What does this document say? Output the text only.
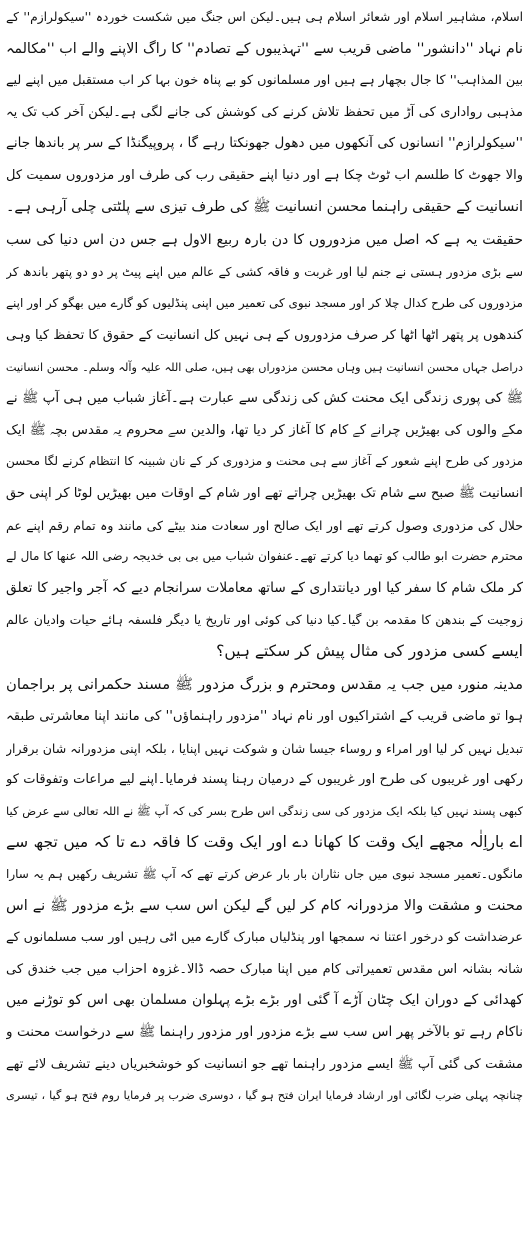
اسلام، مشاہیر اسلام اور شعائر اسلام ہی ہیں۔لیکن اس جنگ میں شکست خوردہ ''سیکولرازم'' کے
نام نہاد ''دانشور'' ماضی قریب سے ''تہذیبوں کے تصادم'' کا راگ الاپنے والے اب ''مکالمہ
بین المذاہب'' کا جال بچھار ہے ہیں اور مسلمانوں کو بے پناہ خون بہا کر اب مستقبل میں اپنے لیے
مذہبی رواداری کی آڑ میں تحفظ تلاش کرنے کی کوشش کی جانے لگی ہے۔لیکن آخر کب تک یہ
''سیکولرازم'' انسانوں کی آنکھوں میں دھول جھونکتا رہے گا ، پروپیگنڈا کے سر پر باندھا جانے
والا جھوٹ کا طلسم اب ٹوٹ چکا ہے اور دنیا اپنے حقیقی رب کی طرف اور مزدوروں سمیت کل
انسانیت کے حقیقی راہنما محسن انسانیت ﷺ کی طرف تیزی سے پلٹتی چلی آرہی ہے۔
حقیقت یہ ہے کہ اصل میں مزدوروں کا دن بارہ ربیع الاول ہے جس دن اس دنیا کی سب
سے بڑی مزدور ہستی نے جنم لیا اور غربت و فاقہ کشی کے عالم میں اپنے پیٹ پر دو دو پتھر باندھ کر
مزدوروں کی طرح کدال چلا کر اور مسجد نبوی کی تعمیر میں اپنی پنڈلیوں کو گارے میں بھگو کر اور اپنے
کندھوں پر پتھر اٹھا اٹھا کر صرف مزدوروں کے ہی نہیں کل انسانیت کے حقوق کا تحفظ کیا وہی
دراصل جہاں محسن انسانیت ہیں وہاں محسن مزدوراں بھی ہیں، صلی اللہ علیہ وآلہ وسلم۔ محسن انسانیت
ﷺ کی پوری زندگی ایک محنت کش کی زندگی سے عبارت ہے۔آغاز شباب میں ہی آپ ﷺ نے
مکے والوں کی بھیڑیں چرانے کے کام کا آغاز کر دیا تھا، والدین سے محروم یہ مقدس بچہ ﷺ ایک
مزدور کی طرح اپنے شعور کے آغاز سے ہی محنت و مزدوری کر کے نان شبینہ کا انتظام کرنے لگا محسن
انسانیت ﷺ صبح سے شام تک بھیڑیں چراتے تھے اور شام کے اوقات میں بھیڑیں لوٹا کر اپنی حق
حلال کی مزدوری وصول کرتے تھے اور ایک صالح اور سعادت مند بیٹے کی مانند وہ تمام رقم اپنے عم
محترم حضرت ابو طالب کو تھما دیا کرتے تھے۔عنفوان شباب میں بی بی خدیجہ رضی اللہ عنھا کا مال لے
کر ملک شام کا سفر کیا اور دیانتداری کے ساتھ معاملات سرانجام دیے کہ آجر واجیر کا تعلق
زوجیت کے بندھن کا مقدمہ بن گیا۔کیا دنیا کی کوئی اور تاریخ یا دیگر فلسفہ ہائے حیات وادیان عالم
ایسے کسی مزدور کی مثال پیش کر سکتے ہیں؟
مدینہ منورہ میں جب یہ مقدس ومحترم و بزرگ مزدور ﷺ مسند حکمرانی پر براجمان
ہوا تو ماضی قریب کے اشتراکیوں اور نام نہاد ''مزدور راہنماؤں'' کی مانند اپنا معاشرتی طبقہ
تبدیل نہیں کر لیا اور امراء و روساء جیسا شان و شوکت نہیں اپنایا ، بلکہ اپنی مزدورانہ شان برقرار
رکھی اور غریبوں کی طرح اور غریبوں کے درمیان رہنا پسند فرمایا۔اپنے لیے مراعات وتفوقات کو
کبھی پسند نہیں کیا بلکہ ایک مزدور کی سی زندگی اس طرح بسر کی کہ آپ ﷺ نے اللہ تعالی سے عرض کیا
اے باراِلٰہ مجھے ایک وقت کا کھانا دے اور ایک وقت کا فاقہ دے تا کہ میں تجھ سے
مانگوں۔تعمیر مسجد نبوی میں جاں نثاران بار بار عرض کرتے تھے کہ آپ ﷺ تشریف رکھیں ہم یہ سارا
محنت و مشقت والا مزدورانہ کام کر لیں گے لیکن اس سب سے بڑے مزدور ﷺ نے اس
عرضداشت کو درخور اعتنا نہ سمجھا اور پنڈلیاں مبارک گارے میں اٹی رہیں اور سب مسلمانوں کے
شانہ بشانہ اس مقدس تعمیراتی کام میں اپنا مبارک حصہ ڈالا۔غزوہ احزاب میں جب خندق کی
کھدائی کے دوران ایک چٹان آڑے آ گئی اور بڑے بڑے پہلوان مسلمان بھی اس کو توڑنے میں
ناکام رہے تو بالآخر پھر اس سب سے بڑے مزدور اور مزدور راہنما ﷺ سے درخواست محنت و
مشقت کی گئی آپ ﷺ ایسے مزدور راہنما تھے جو انسانیت کو خوشخبریاں دینے تشریف لائے تھے
چنانچہ پہلی ضرب لگائی اور ارشاد فرمایا ایران فتح ہو گیا ، دوسری ضرب پر فرمایا روم فتح ہو گیا ، تیسری
